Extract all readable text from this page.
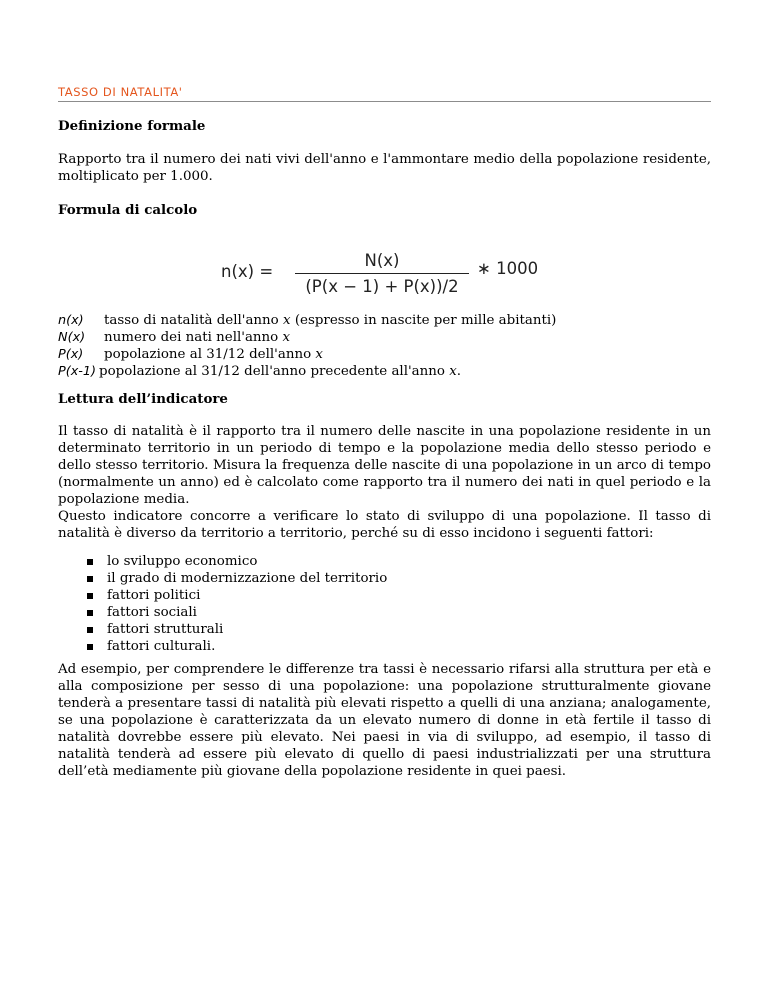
TASSO DI NATALITA'
Definizione formale

Rapporto tra il numero dei nati vivi dell'anno e l'ammontare medio della popolazione residente, moltiplicato per 1.000.

Formula di calcolo
n(x) =
N(x)
(P(x − 1) + P(x))/2
∗ 1000
n(x) tasso di natalità dell'anno x (espresso in nascite per mille abitanti)
N(x) numero dei nati nell'anno x
P(x) popolazione al 31/12 dell'anno x
P(x-1) popolazione al 31/12 dell'anno precedente all'anno x.
Lettura dell’indicatore

Il tasso di natalità è il rapporto tra il numero delle nascite in una popolazione residente in un determinato territorio in un periodo di tempo e la popolazione media dello stesso periodo e dello stesso territorio. Misura la frequenza delle nascite di una popolazione in un arco di tempo (normalmente un anno) ed è calcolato come rapporto tra il numero dei nati in quel periodo e la popolazione media.

Questo indicatore concorre a verificare lo stato di sviluppo di una popolazione. Il tasso di natalità è diverso da territorio a territorio, perché su di esso incidono i seguenti fattori:

lo sviluppo economico
il grado di modernizzazione del territorio
fattori politici
fattori sociali
fattori strutturali
fattori culturali.

Ad esempio, per comprendere le differenze tra tassi è necessario rifarsi alla struttura per età e alla composizione per sesso di una popolazione: una popolazione strutturalmente giovane tenderà a presentare tassi di natalità più elevati rispetto a quelli di una anziana; analogamente, se una popolazione è caratterizzata da un elevato numero di donne in età fertile il tasso di natalità dovrebbe essere più elevato. Nei paesi in via di sviluppo, ad esempio, il tasso di natalità tenderà ad essere più elevato di quello di paesi industrializzati per una struttura dell’età mediamente più giovane della popolazione residente in quei paesi.
